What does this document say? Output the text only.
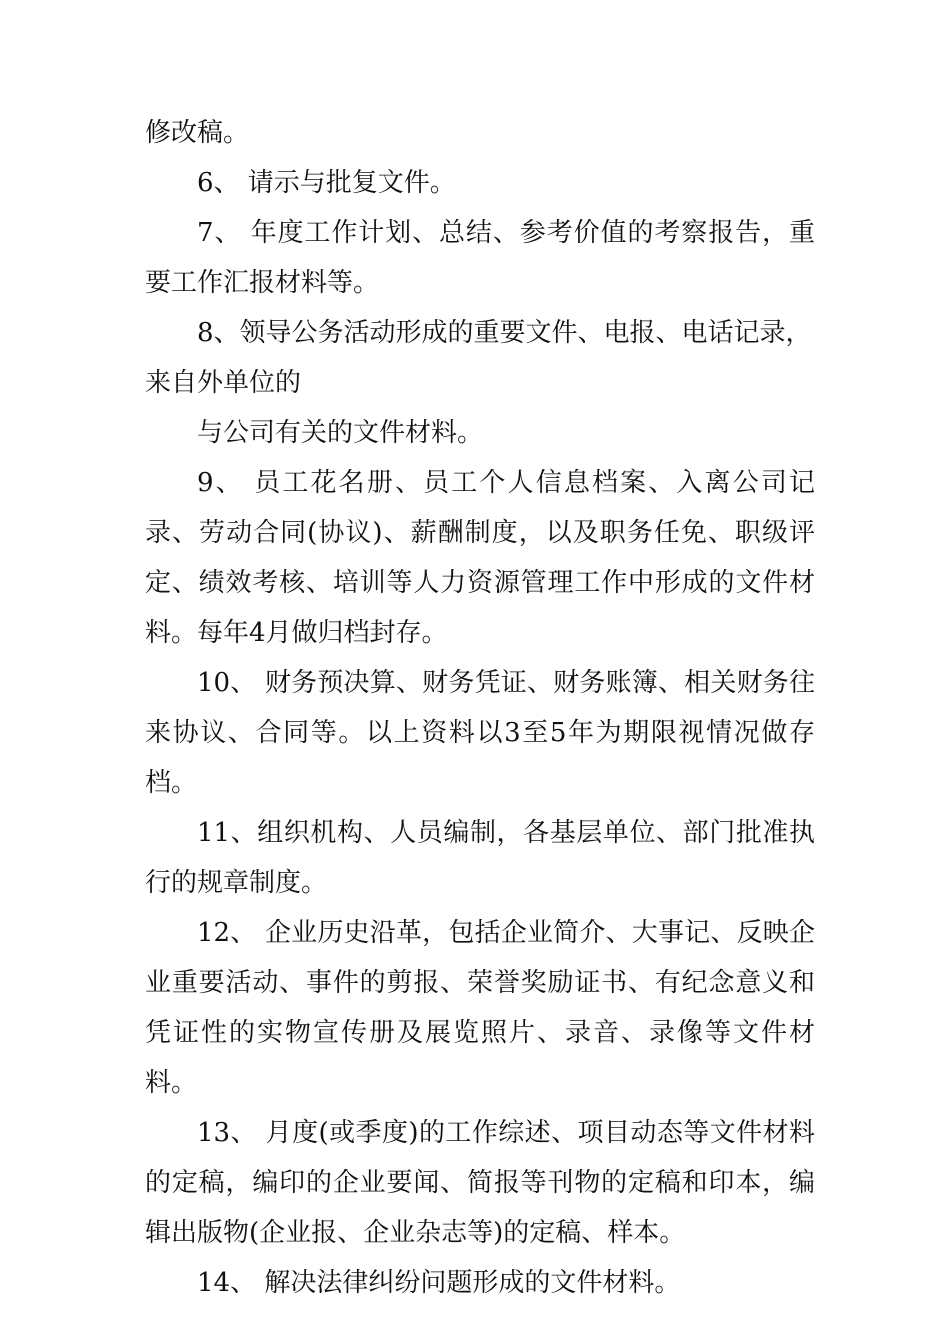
修改稿。

6、 请示与批复文件。

7、 年度工作计划、总结、参考价值的考察报告，重要工作汇报材料等。

8、领导公务活动形成的重要文件、电报、电话记录，

来自外单位的

与公司有关的文件材料。

9、 员工花名册、员工个人信息档案、入离公司记录、劳动合同(协议)、薪酬制度，以及职务任免、职级评定、绩效考核、培训等人力资源管理工作中形成的文件材料。每年4月做归档封存。

10、 财务预决算、财务凭证、财务账簿、相关财务往来协议、合同等。以上资料以3至5年为期限视情况做存档。

11、组织机构、人员编制，各基层单位、部门批准执行的规章制度。

12、 企业历史沿革，包括企业简介、大事记、反映企业重要活动、事件的剪报、荣誉奖励证书、有纪念意义和凭证性的实物宣传册及展览照片、录音、录像等文件材料。

13、 月度(或季度)的工作综述、项目动态等文件材料的定稿，编印的企业要闻、简报等刊物的定稿和印本，编辑出版物(企业报、企业杂志等)的定稿、样本。

14、 解决法律纠纷问题形成的文件材料。
